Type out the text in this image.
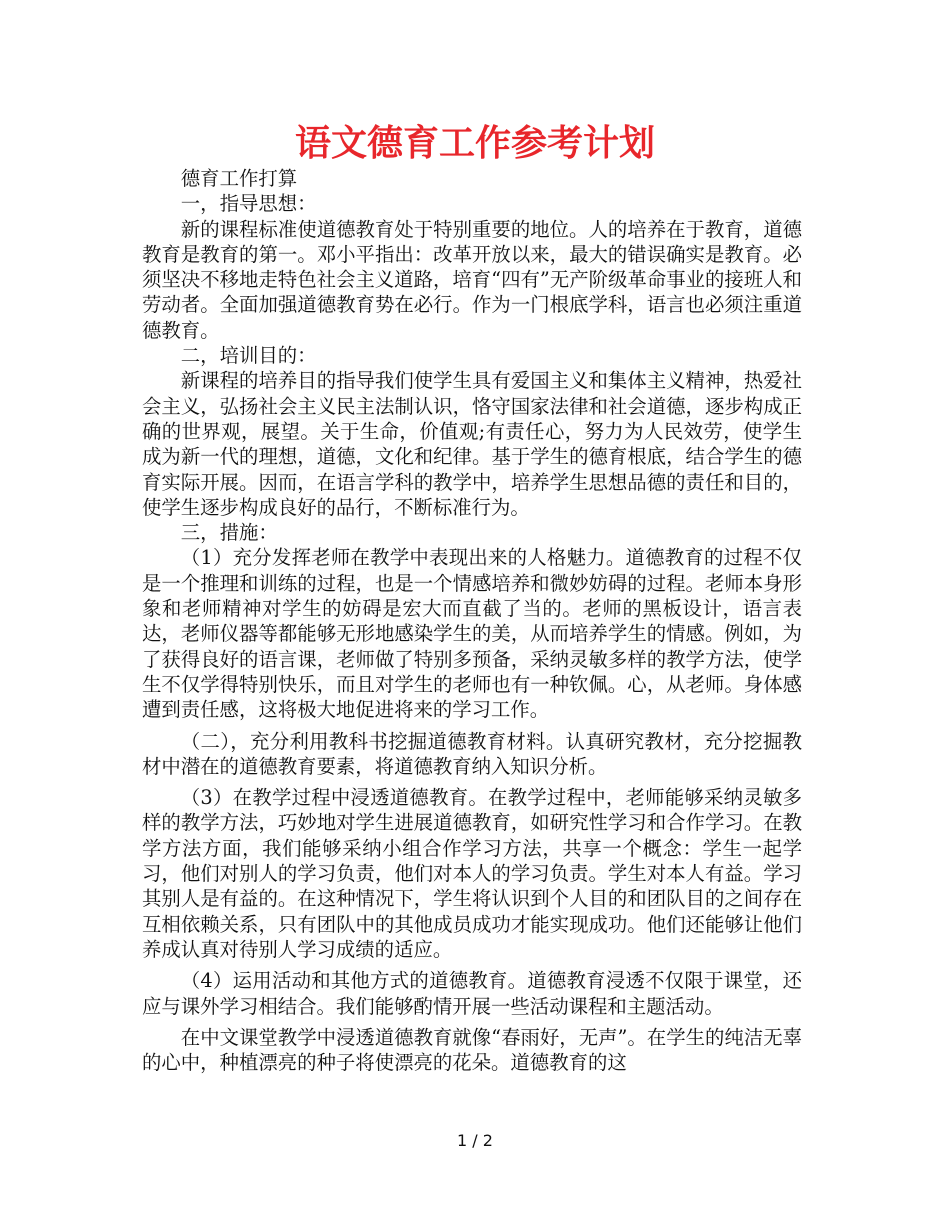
语文德育工作参考计划

德育工作打算

一，指导思想：

新的课程标准使道德教育处于特别重要的地位。人的培养在于教育，道德教育是教育的第一。邓小平指出：改革开放以来，最大的错误确实是教育。必须坚决不移地走特色社会主义道路，培育“四有”无产阶级革命事业的接班人和劳动者。全面加强道德教育势在必行。作为一门根底学科，语言也必须注重道德教育。

二，培训目的：

新课程的培养目的指导我们使学生具有爱国主义和集体主义精神，热爱社会主义，弘扬社会主义民主法制认识，恪守国家法律和社会道德，逐步构成正确的世界观，展望。关于生命，价值观;有责任心，努力为人民效劳，使学生成为新一代的理想，道德，文化和纪律。基于学生的德育根底，结合学生的德育实际开展。因而，在语言学科的教学中，培养学生思想品德的责任和目的，使学生逐步构成良好的品行，不断标准行为。

三，措施：

（1）充分发挥老师在教学中表现出来的人格魅力。道德教育的过程不仅是一个推理和训练的过程，也是一个情感培养和微妙妨碍的过程。老师本身形象和老师精神对学生的妨碍是宏大而直截了当的。老师的黑板设计，语言表达，老师仪器等都能够无形地感染学生的美，从而培养学生的情感。例如，为了获得良好的语言课，老师做了特别多预备，采纳灵敏多样的教学方法，使学生不仅学得特别快乐，而且对学生的老师也有一种钦佩。心，从老师。身体感遭到责任感，这将极大地促进将来的学习工作。

（二），充分利用教科书挖掘道德教育材料。认真研究教材，充分挖掘教材中潜在的道德教育要素，将道德教育纳入知识分析。

（3）在教学过程中浸透道德教育。在教学过程中，老师能够采纳灵敏多样的教学方法，巧妙地对学生进展道德教育，如研究性学习和合作学习。在教学方法方面，我们能够采纳小组合作学习方法，共享一个概念：学生一起学习，他们对别人的学习负责，他们对本人的学习负责。学生对本人有益。学习其别人是有益的。在这种情况下，学生将认识到个人目的和团队目的之间存在互相依赖关系，只有团队中的其他成员成功才能实现成功。他们还能够让他们养成认真对待别人学习成绩的适应。

（4）运用活动和其他方式的道德教育。道德教育浸透不仅限于课堂，还应与课外学习相结合。我们能够酌情开展一些活动课程和主题活动。

在中文课堂教学中浸透道德教育就像“春雨好，无声”。在学生的纯洁无辜的心中，种植漂亮的种子将使漂亮的花朵。道德教育的这

1 / 2
